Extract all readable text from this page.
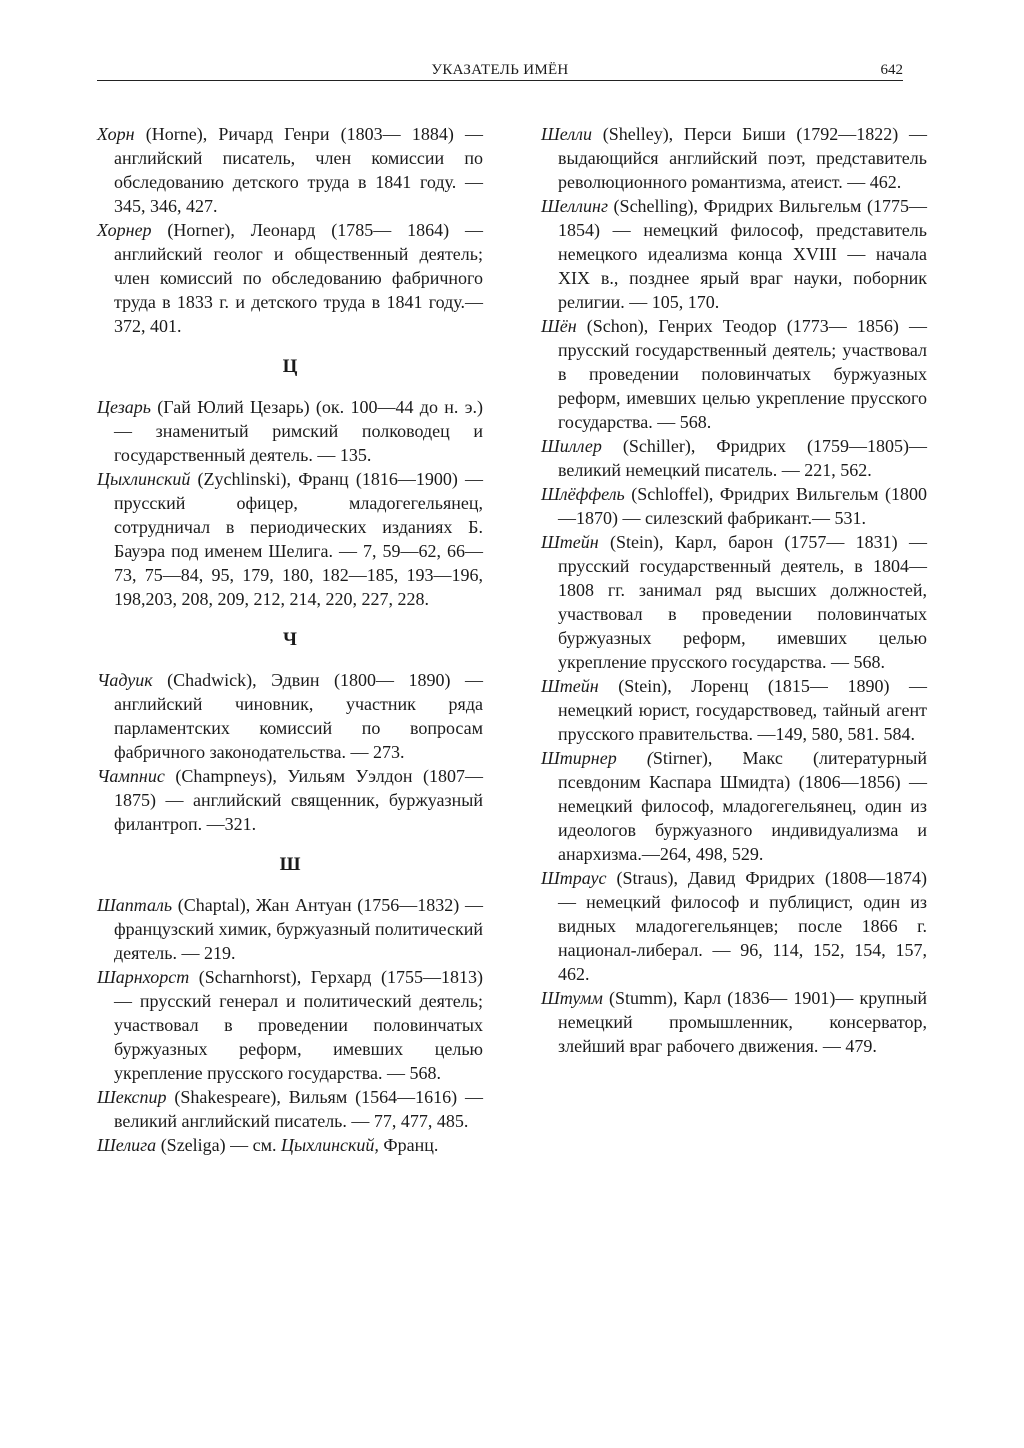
УКАЗАТЕЛЬ ИМЁН	642
Хорн (Horne), Ричард Генри (1803— 1884) — английский писатель, член комиссии по обследованию детского труда в 1841 году. — 345, 346, 427.
Хорнер (Horner), Леонард (1785— 1864) — английский геолог и общественный деятель; член комиссий по обследованию фабричного труда в 1833 г. и детского труда в 1841 году.—372, 401.
Ц
Цезарь (Гай Юлий Цезарь) (ок. 100—44 до н. э.) — знаменитый римский полководец и государственный деятель. — 135.
Цыхлинский (Zychlinski), Франц (1816—1900) — прусский офицер, младогегельянец, сотрудничал в периодических изданиях Б. Бауэра под именем Шелига. — 7, 59—62, 66—73, 75—84, 95, 179, 180, 182—185, 193—196, 198,203, 208, 209, 212, 214, 220, 227, 228.
Ч
Чадуик (Chadwick), Эдвин (1800— 1890) — английский чиновник, участник ряда парламентских комиссий по вопросам фабричного законодательства. — 273.
Чампнис (Champneys), Уильям Уэлдон (1807—1875) — английский священник, буржуазный филантроп. —321.
Ш
Шапталь (Chaptal), Жан Антуан (1756—1832) — французский химик, буржуазный политический деятель. — 219.
Шарнхорст (Scharnhorst), Герхард (1755—1813) — прусский генерал и политический деятель; участвовал в проведении половинчатых буржуазных реформ, имевших целью укрепление прусского государства. — 568.
Шекспир (Shakespeare), Вильям (1564—1616) — великий английский писатель. — 77, 477, 485.
Шелига (Szeliga) — см. Цыхлинский, Франц.
Шелли (Shelley), Перси Биши (1792—1822) — выдающийся английский поэт, представитель революционного романтизма, атеист. — 462.
Шеллинг (Schelling), Фридрих Вильгельм (1775—1854) — немецкий философ, представитель немецкого идеализма конца XVIII — начала XIX в., позднее ярый враг науки, поборник религии. — 105, 170.
Шён (Schon), Генрих Теодор (1773— 1856) — прусский государственный деятель; участвовал в проведении половинчатых буржуазных реформ, имевших целью укрепление прусского государства. — 568.
Шиллер (Schiller), Фридрих (1759—1805)—великий немецкий писатель. — 221, 562.
Шлёффель (Schloffel), Фридрих Вильгельм (1800—1870) — силезский фабрикант.— 531.
Штейн (Stein), Карл, барон (1757— 1831) — прусский государственный деятель, в 1804—1808 гг. занимал ряд высших должностей, участвовал в проведении половинчатых буржуазных реформ, имевших целью укрепление прусского государства. — 568.
Штейн (Stein), Лоренц (1815— 1890) — немецкий юрист, государствовед, тайный агент прусского правительства. —149, 580, 581. 584.
Штирнер (Stirner), Макс (литературный псевдоним Каспара Шмидта) (1806—1856) — немецкий философ, младогегельянец, один из идеологов буржуазного индивидуализма и анархизма.—264, 498, 529.
Штраус (Straus), Давид Фридрих (1808—1874) — немецкий философ и публицист, один из видных младогегельянцев; после 1866 г. национал-либерал. — 96, 114, 152, 154, 157, 462.
Штумм (Stumm), Карл (1836— 1901)— крупный немецкий промышленник, консерватор, злейший враг рабочего движения. — 479.
